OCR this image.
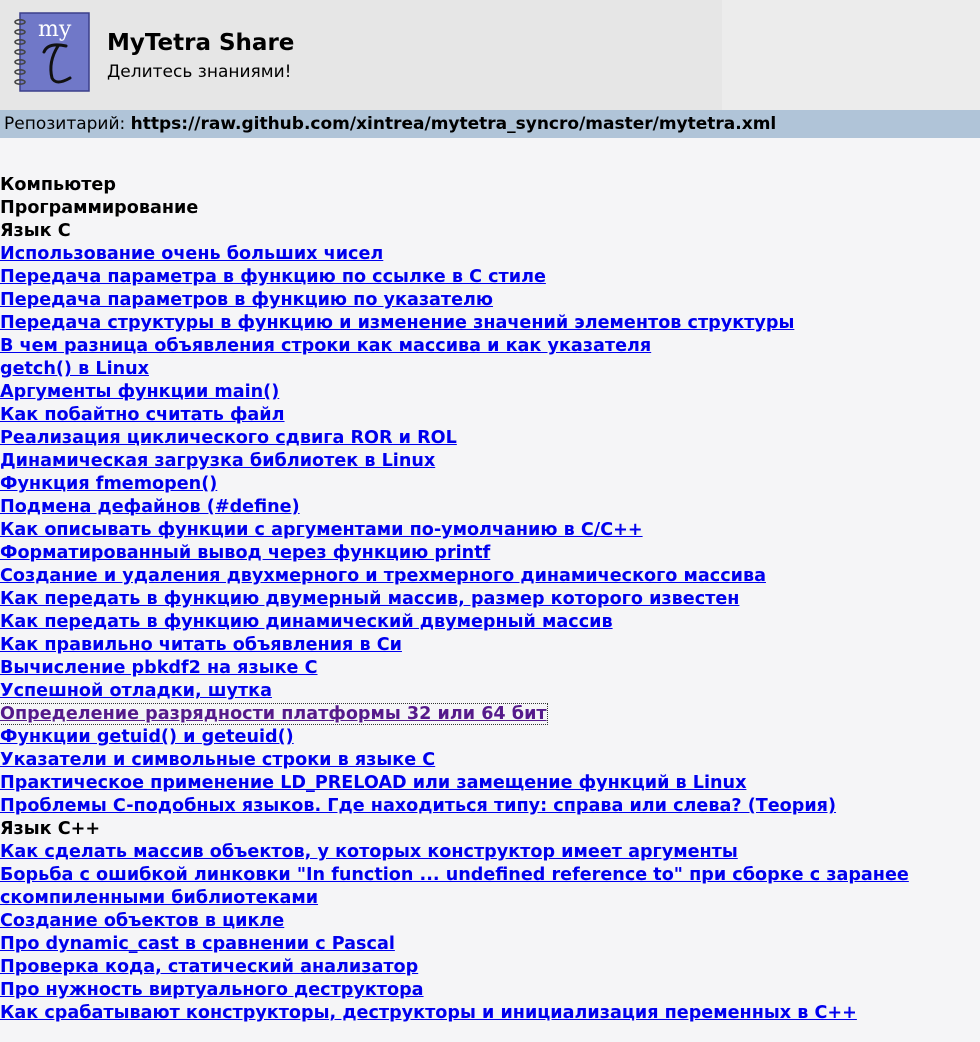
my
MyTetra Share
Делитесь знаниями!
Репозитарий: https://raw.github.com/xintrea/mytetra_syncro/master/mytetra.xml
Компьютер
Программирование
Язык С
Использование очень больших чисел
Передача параметра в функцию по ссылке в С стиле
Передача параметров в функцию по указателю
Передача структуры в функцию и изменение значений элементов структуры
В чем разница объявления строки как массива и как указателя
getch() в Linux
Аргументы функции main()
Как побайтно считать файл
Реализация циклического сдвига ROR и ROL
Динамическая загрузка библиотек в Linux
Функция fmemopen()
Подмена дефайнов (#define)
Как описывать функции с аргументами по-умолчанию в C/C++
Форматированный вывод через функцию printf
Создание и удаления двухмерного и трехмерного динамического массива
Как передать в функцию двумерный массив, размер которого известен
Как передать в функцию динамический двумерный массив
Как правильно читать объявления в Си
Вычисление pbkdf2 на языке C
Успешной отладки, шутка
Определение разрядности платформы 32 или 64 бит
Функции getuid() и geteuid()
Указатели и символьные строки в языке C
Практическое применение LD_PRELOAD или замещение функций в Linux
Проблемы C-подобных языков. Где находиться типу: справа или слева? (Теория)
Язык С++
Как сделать массив объектов, у которых конструктор имеет аргументы
Борьба с ошибкой линковки "In function ... undefined reference to" при сборке с заранее скомпиленными библиотеками
Создание объектов в цикле
Про dynamic_cast в сравнении с Pascal
Проверка кода, статический анализатор
Про нужность виртуального деструктора
Как срабатывают конструкторы, деструкторы и инициализация переменных в C++
